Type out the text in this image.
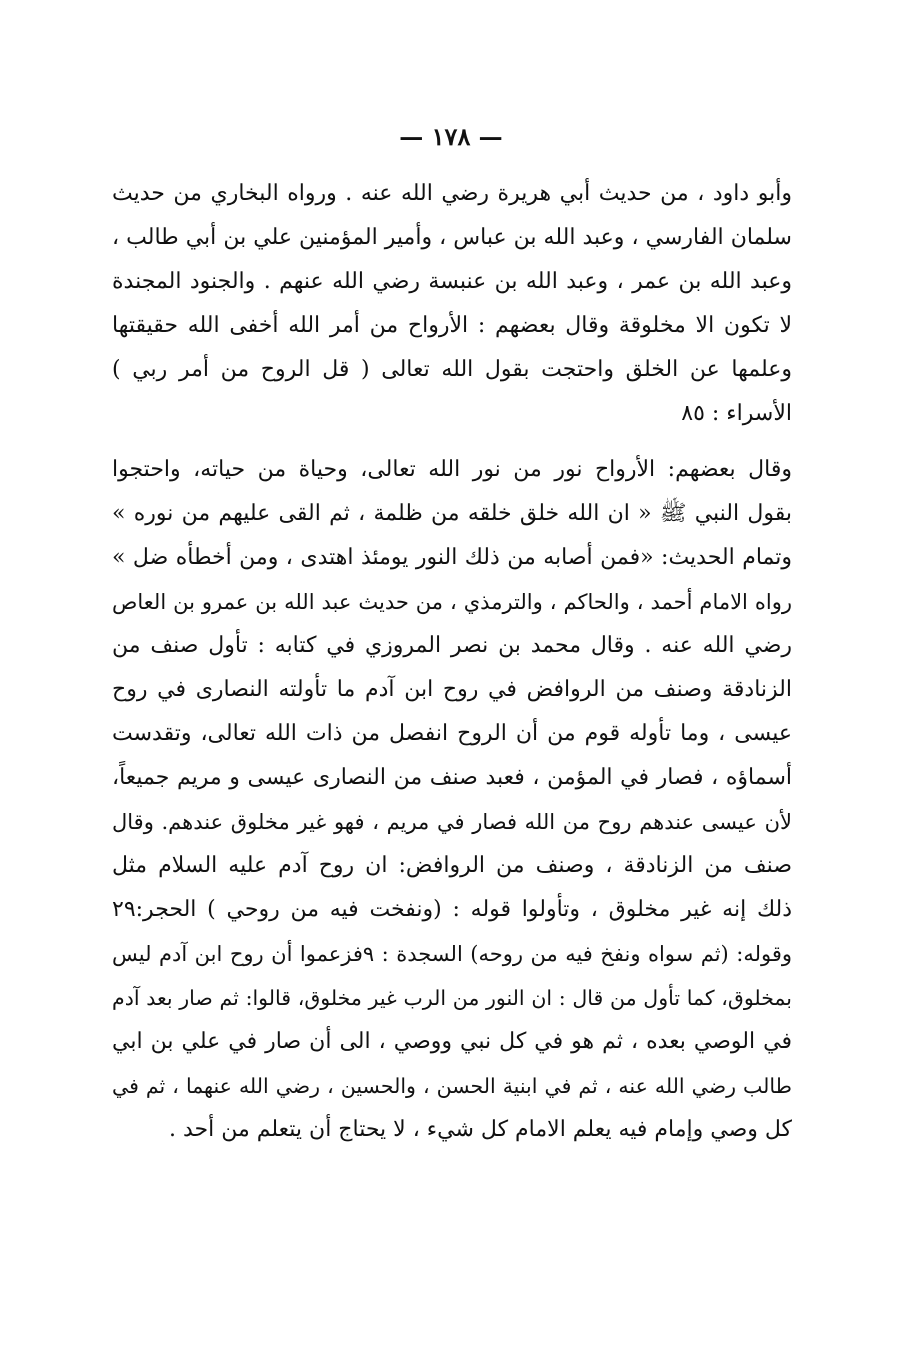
— ١٧٨ —
وأبو داود ، من حديث أبي هريرة رضي الله عنه . ورواه البخاري من حديث
سلمان الفارسي ، وعبد الله بن عباس ، وأمير المؤمنين علي بن أبي طالب ،
وعبد الله بن عمر ، وعبد الله بن عنبسة رضي الله عنهم . والجنود المجندة
لا تكون الا مخلوقة وقال بعضهم : الأرواح من أمر الله أخفى الله حقيقتها
وعلمها عن الخلق واحتجت بقول الله تعالى ( قل الروح من أمر ربي )
الأسراء : ٨٥
وقال بعضهم: الأرواح نور من نور الله تعالى، وحياة من حياته، واحتجوا
بقول النبي ﷺ « ان الله خلق خلقه من ظلمة ، ثم القى عليهم من نوره »
وتمام الحديث: «فمن أصابه من ذلك النور يومئذ اهتدى ، ومن أخطأه ضل »
رواه الامام أحمد ، والحاكم ، والترمذي ، من حديث عبد الله بن عمرو بن العاص
رضي الله عنه . وقال محمد بن نصر المروزي في كتابه : تأول صنف من
الزنادقة وصنف من الروافض في روح ابن آدم ما تأولته النصارى في روح
عيسى ، وما تأوله قوم من أن الروح انفصل من ذات الله تعالى، وتقدست
أسماؤه ، فصار في المؤمن ، فعبد صنف من النصارى عيسى و مريم جميعاً،
لأن عيسى عندهم روح من الله فصار في مريم ، فهو غير مخلوق عندهم. وقال
صنف من الزنادقة ، وصنف من الروافض: ان روح آدم عليه السلام مثل
ذلك إنه غير مخلوق ، وتأولوا قوله : (ونفخت فيه من روحي ) الحجر:٢٩
وقوله: (ثم سواه ونفخ فيه من روحه) السجدة : ٩فزعموا أن روح ابن آدم ليس
بمخلوق، كما تأول من قال : ان النور من الرب غير مخلوق، قالوا: ثم صار بعد آدم
في الوصي بعده ، ثم هو في كل نبي ووصي ، الى أن صار في علي بن ابي
طالب رضي الله عنه ، ثم في ابنية الحسن ، والحسين ، رضي الله عنهما ، ثم في
كل وصي وإمام فيه يعلم الامام كل شيء ، لا يحتاج أن يتعلم من أحد .
